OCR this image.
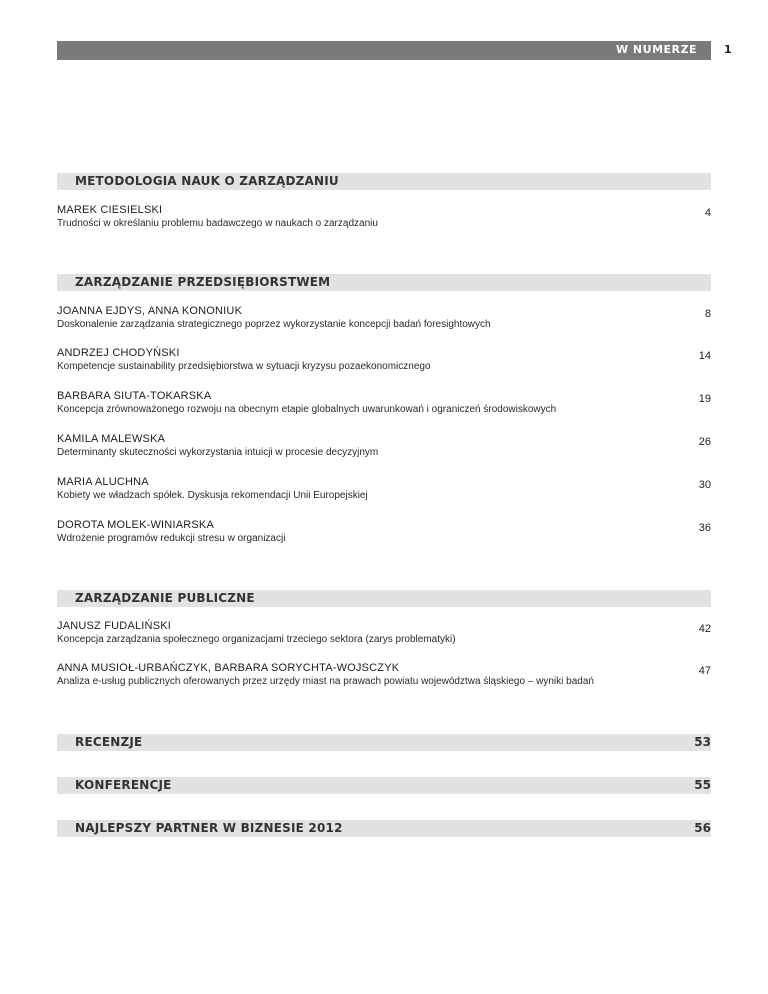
W NUMERZE 1
METODOLOGIA NAUK O ZARZĄDZANIU
MAREK CIESIELSKI
Trudności w określaniu problemu badawczego w naukach o zarządzaniu
4
ZARZĄDZANIE PRZEDSIĘBIORSTWEM
JOANNA EJDYS, ANNA KONONIUK
Doskonalenie zarządzania strategicznego poprzez wykorzystanie koncepcji badań foresightowych
8
ANDRZEJ CHODYŃSKI
Kompetencje sustainability przedsiębiorstwa w sytuacji kryzysu pozaekonomicznego
14
BARBARA SIUTA-TOKARSKA
Koncepcja zrównoważonego rozwoju na obecnym etapie globalnych uwarunkowań i ograniczeń środowiskowych
19
KAMILA MALEWSKA
Determinanty skuteczności wykorzystania intuicji w procesie decyzyjnym
26
MARIA ALUCHNA
Kobiety we władzach spółek. Dyskusja rekomendacji Unii Europejskiej
30
DOROTA MOLEK-WINIARSKA
Wdrożenie programów redukcji stresu w organizacji
36
ZARZĄDZANIE PUBLICZNE
JANUSZ FUDALIŃSKI
Koncepcja zarządzania społecznego organizacjami trzeciego sektora (zarys problematyki)
42
ANNA MUSIOŁ-URBAŃCZYK, BARBARA SORYCHTA-WOJSCZYK
Analiza e-usług publicznych oferowanych przez urzędy miast na prawach powiatu województwa śląskiego – wyniki badań
47
RECENZJE	53
KONFERENCJE	55
NAJLEPSZY PARTNER W BIZNESIE 2012	56
